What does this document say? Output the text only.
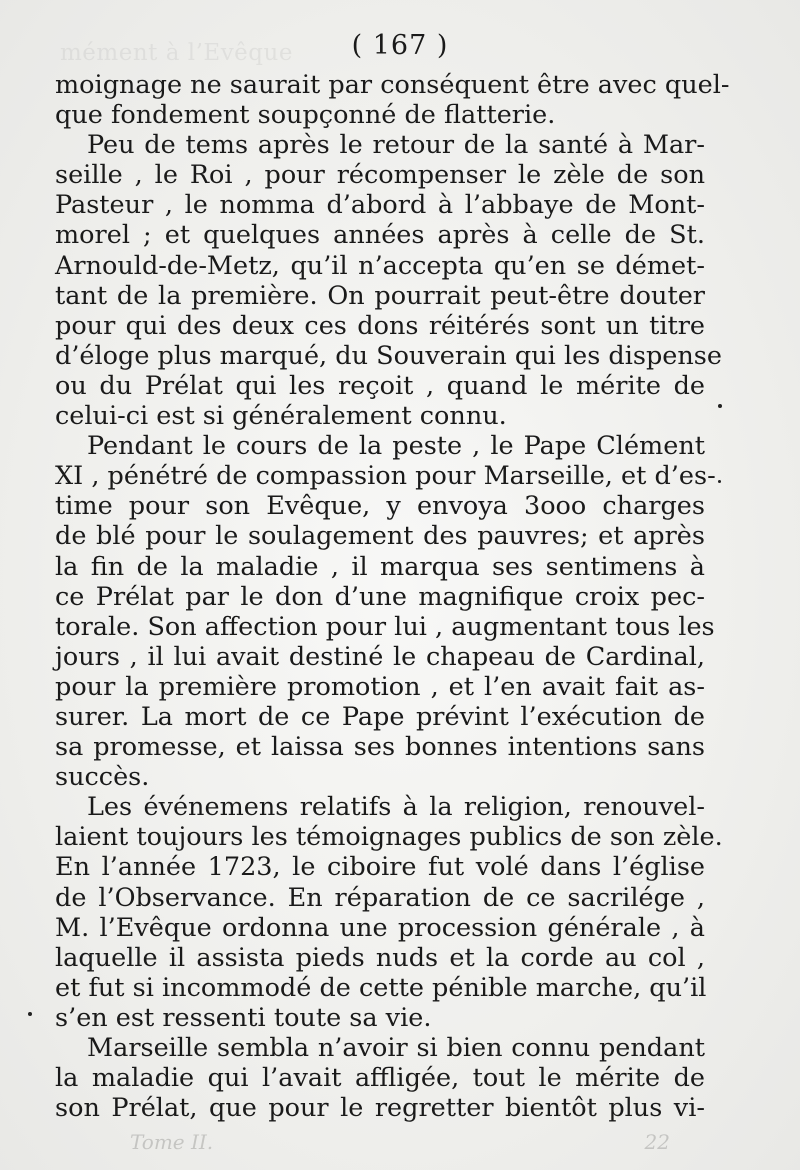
mément à l’Evêque	( 167 )
moignage ne saurait par conséquent être avec quel-
que fondement soupçonné de flatterie.
Peu de tems après le retour de la santé à Mar-
seille , le Roi , pour récompenser le zèle de son
Pasteur , le nomma d’abord à l’abbaye de Mont-
morel ; et quelques années après à celle de St.
Arnould-de-Metz, qu’il n’accepta qu’en se démet-
tant de la première. On pourrait peut-être douter
pour qui des deux ces dons réitérés sont un titre
d’éloge plus marqué, du Souverain qui les dispense
ou du Prélat qui les reçoit , quand le mérite de
celui-ci est si généralement connu.
Pendant le cours de la peste , le Pape Clément
XI , pénétré de compassion pour Marseille, et d’es-
time pour son Evêque, y envoya 3ooo charges
de blé pour le soulagement des pauvres; et après
la fin de la maladie , il marqua ses sentimens à
ce Prélat par le don d’une magnifique croix pec-
torale. Son affection pour lui , augmentant tous les
jours , il lui avait destiné le chapeau de Cardinal,
pour la première promotion , et l’en avait fait as-
surer. La mort de ce Pape prévint l’exécution de
sa promesse, et laissa ses bonnes intentions sans
succès.
Les événemens relatifs à la religion, renouvel-
laient toujours les témoignages publics de son zèle.
En l’année 1723, le ciboire fut volé dans l’église
de l’Observance. En réparation de ce sacrilége ,
M. l’Evêque ordonna une procession générale , à
laquelle il assista pieds nuds et la corde au col ,
et fut si incommodé de cette pénible marche, qu’il
s’en est ressenti toute sa vie.
Marseille sembla n’avoir si bien connu pendant
la maladie qui l’avait affligée, tout le mérite de
son Prélat, que pour le regretter bientôt plus vi-
Tome II.	22
